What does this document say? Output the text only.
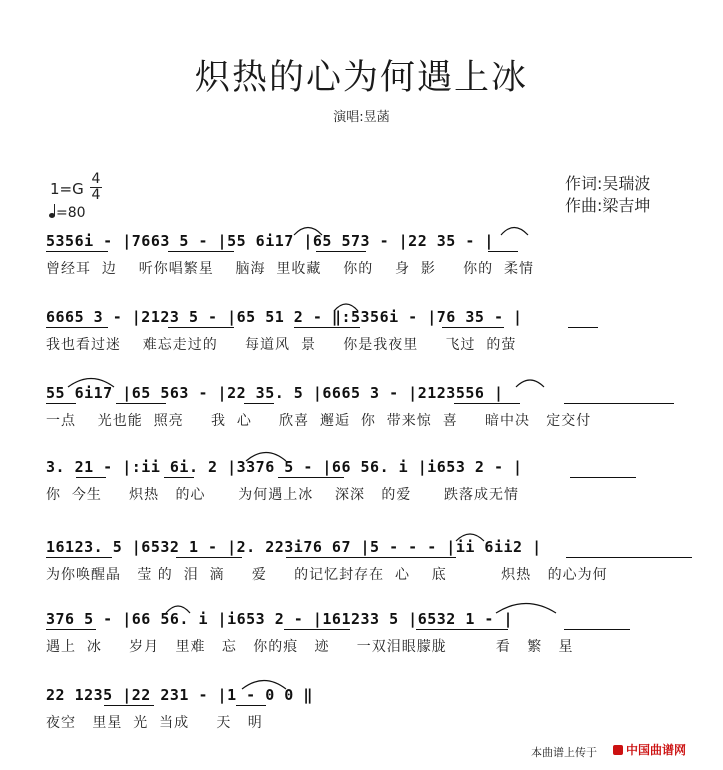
炽热的心为何遇上冰
演唱:昱菡
1=G
4
4
=80
作词:吴瑞波
作曲:梁吉坤
5356i - |7663 5 - |55 6i17 |65 573 - |22 35 - |
曾经耳  边    听你唱繁星    脑海  里收藏    你的    身  影     你的  柔情
6665 3 - |2123 5 - |65 51 2 - ‖:5356i - |76 35 - |
我也看过迷    难忘走过的     每道风  景     你是我夜里     飞过  的萤
55 6i17 |65 563 - |22 35. 5 |6665 3 - |2123556 |
一点    光也能  照亮     我  心     欣喜  邂逅  你  带来惊  喜     暗中决   定交付
3. 21 - |:ii 6i. 2 |3376 5 - |66 56. i |i653 2 - |
你  今生     炽热   的心      为何遇上冰    深深   的爱      跌落成无情
16123. 5 |6532 1 - |2. 223i76 67 |5 - - - |ii 6ii2 |
为你唤醒晶   莹 的  泪  滴     爱     的记忆封存在  心    底          炽热   的心为何
376 5 - |66 56. i |i653 2 - |161233 5 |6532 1 - |
遇上  冰     岁月   里难   忘   你的痕   迹     一双泪眼朦胧         看   繁   星
22 1235 |22 231 - |1 - 0 0 ‖
夜空   里星  光  当成     天   明
本曲谱上传于	中国曲谱网
